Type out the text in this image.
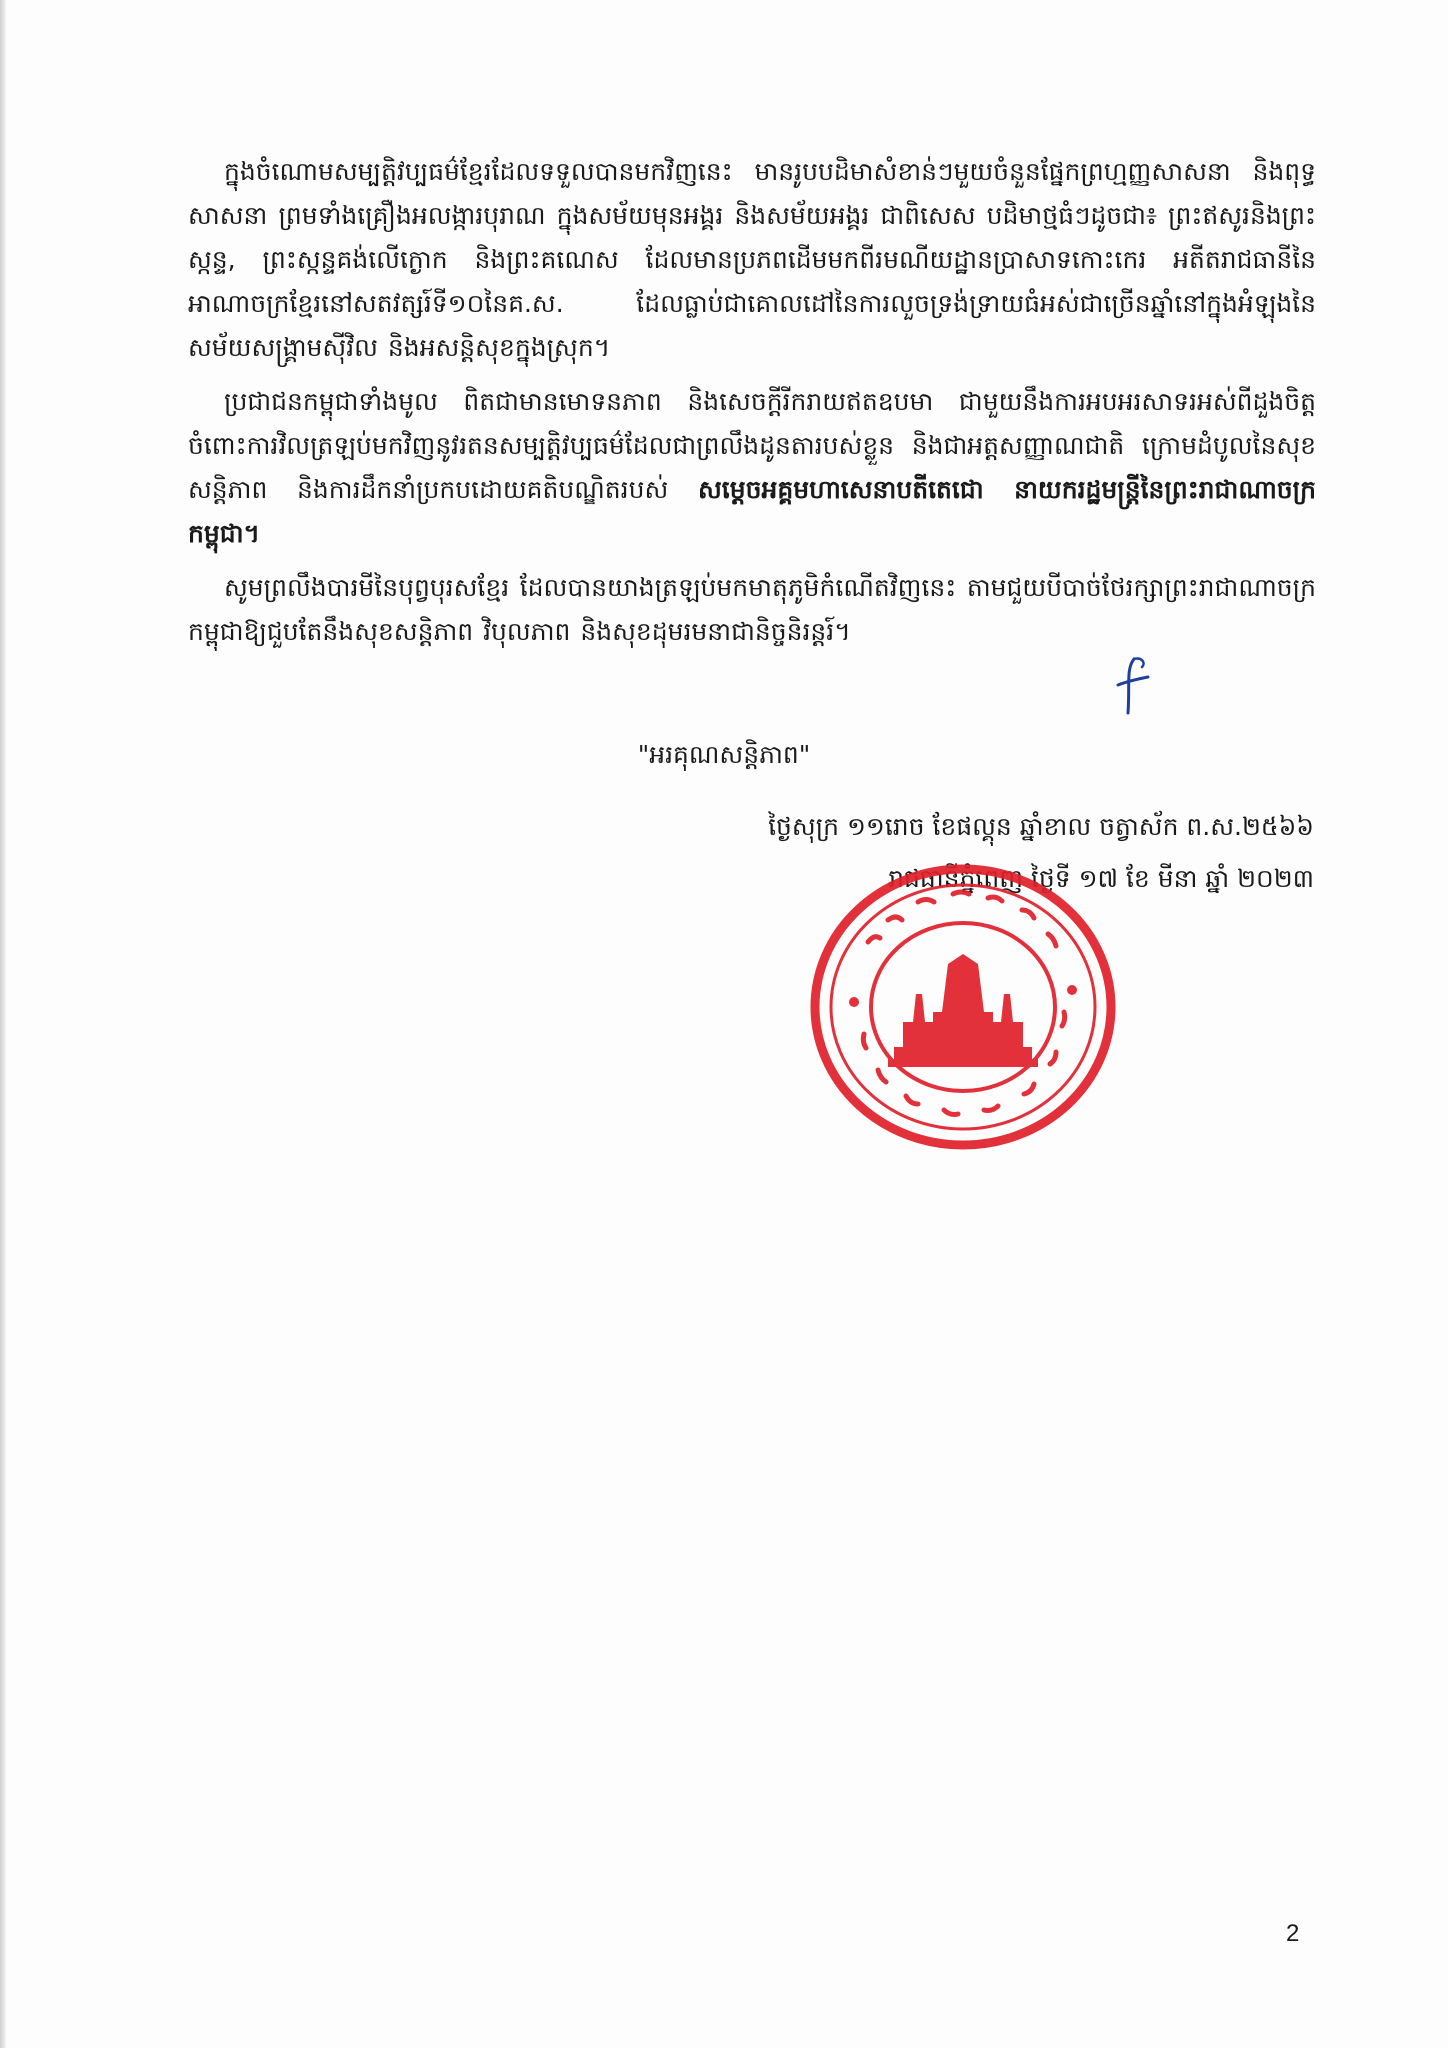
ក្នុងចំណោមសម្បត្តិវប្បធម៌ខ្មែរដែលទទួលបានមកវិញនេះ មានរូបបដិមាសំខាន់ៗមួយចំនួនផ្នែកព្រហ្មញ្ញសាសនា និងពុទ្ធសាសនា ព្រមទាំងគ្រឿងអលង្ការបុរាណ ក្នុងសម័យមុនអង្គរ និងសម័យអង្គរ ជាពិសេស បដិមាថ្មធំៗដូចជា៖ ព្រះឥសូរនិងព្រះស្កន្ទ, ព្រះស្កន្ទគង់លើក្ងោក និងព្រះគណេស ដែលមានប្រភពដើមមកពីរមណីយដ្ឋានប្រាសាទកោះកេរ អតីតរាជធានីនៃអាណាចក្រខ្មែរនៅសតវត្សរ៍ទី១០នៃគ.ស. ដែលធ្លាប់ជាគោលដៅនៃការលួចទ្រង់ទ្រាយធំអស់ជាច្រើនឆ្នាំនៅក្នុងអំឡុងនៃសម័យសង្គ្រាមស៊ីវិល និងអសន្តិសុខក្នុងស្រុក។

ប្រជាជនកម្ពុជាទាំងមូល ពិតជាមានមោទនភាព និងសេចក្តីរីករាយឥតឧបមា ជាមួយនឹងការអបអរសាទរអស់ពីដួងចិត្ត ចំពោះការវិលត្រឡប់មកវិញនូវរតនសម្បត្តិវប្បធម៌ដែលជាព្រលឹងដូនតារបស់ខ្លួន និងជាអត្តសញ្ញាណជាតិ ក្រោមដំបូលនៃសុខសន្តិភាព និងការដឹកនាំប្រកបដោយគតិបណ្ឌិតរបស់ សម្តេចអគ្គមហាសេនាបតីតេជោ នាយករដ្ឋមន្ត្រីនៃព្រះរាជាណាចក្រកម្ពុជា។

សូមព្រលឹងបារមីនៃបុព្វបុរសខ្មែរ ដែលបានយាងត្រឡប់មកមាតុភូមិកំណើតវិញនេះ តាមជួយបីបាច់ថែរក្សាព្រះរាជាណាចក្រកម្ពុជាឱ្យជួបតែនឹងសុខសន្តិភាព វិបុលភាព និងសុខដុមរមនាជានិច្ចនិរន្តរ៍។

"អរគុណសន្តិភាព"
ថ្ងៃសុក្រ ១១រោច ខែផល្គុន ឆ្នាំខាល ចត្វាស័ក ព.ស.២៥៦៦
រាជធានីភ្នំពេញ ថ្ងៃទី ១៧ ខែ មីនា ឆ្នាំ ២០២៣
2
